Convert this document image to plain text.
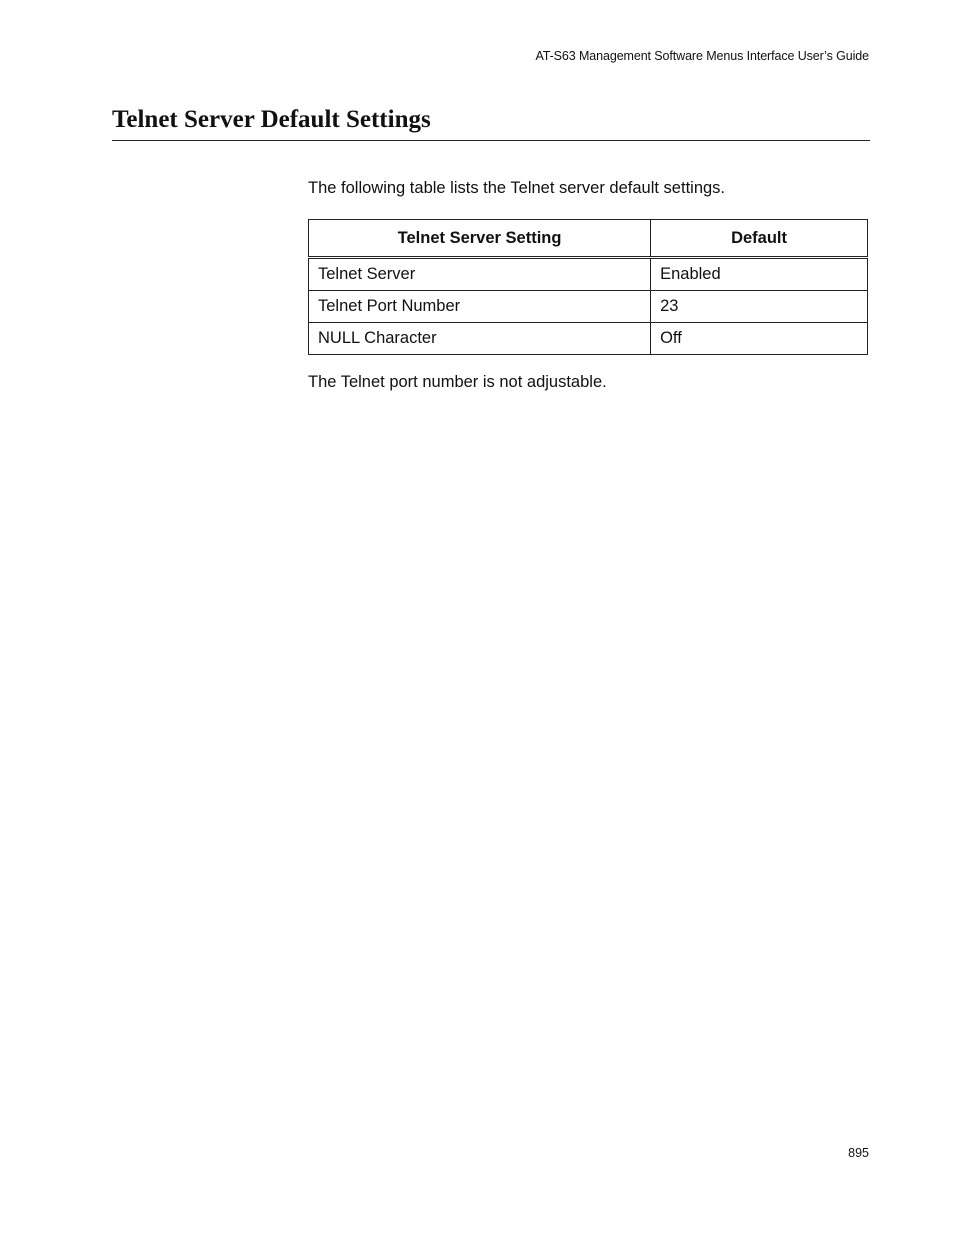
AT-S63 Management Software Menus Interface User’s Guide
Telnet Server Default Settings

The following table lists the Telnet server default settings.

Telnet Server Setting	Default
Telnet Server	Enabled
Telnet Port Number	23
NULL Character	Off

The Telnet port number is not adjustable.

895
